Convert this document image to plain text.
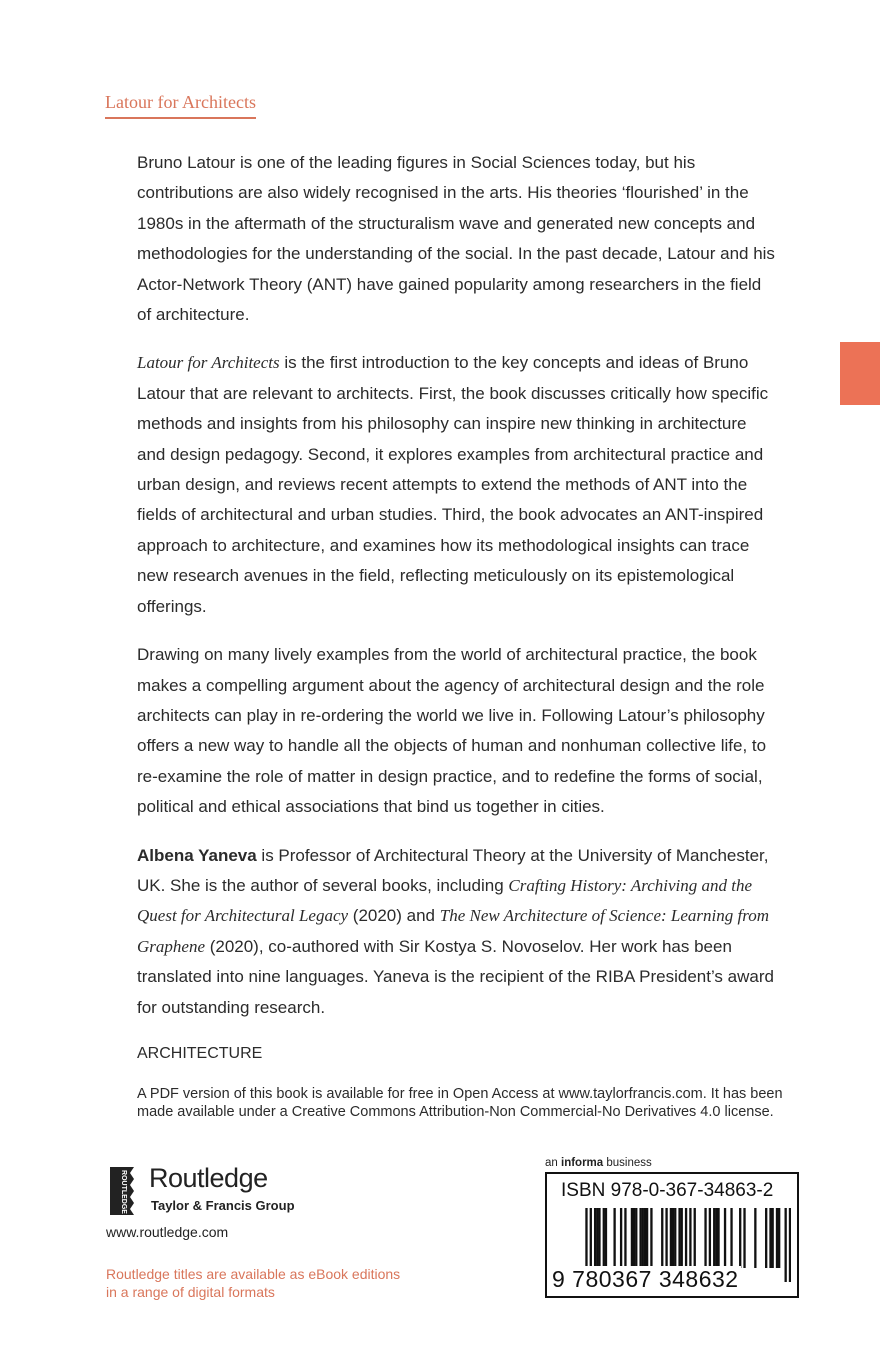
Latour for Architects

Bruno Latour is one of the leading figures in Social Sciences today, but his contributions are also widely recognised in the arts. His theories ‘flourished’ in the 1980s in the aftermath of the structuralism wave and generated new concepts and methodologies for the understanding of the social. In the past decade, Latour and his Actor-Network Theory (ANT) have gained popularity among researchers in the field of architecture.

Latour for Architects is the first introduction to the key concepts and ideas of Bruno Latour that are relevant to architects. First, the book discusses critically how specific methods and insights from his philosophy can inspire new thinking in architecture and design pedagogy. Second, it explores examples from architectural practice and urban design, and reviews recent attempts to extend the methods of ANT into the fields of architectural and urban studies. Third, the book advocates an ANT-inspired approach to architecture, and examines how its methodological insights can trace new research avenues in the field, reflecting meticulously on its epistemological offerings.

Drawing on many lively examples from the world of architectural practice, the book makes a compelling argument about the agency of architectural design and the role architects can play in re-ordering the world we live in. Following Latour’s philosophy offers a new way to handle all the objects of human and nonhuman collective life, to re-examine the role of matter in design practice, and to redefine the forms of social, political and ethical associations that bind us together in cities.

Albena Yaneva is Professor of Architectural Theory at the University of Manchester, UK. She is the author of several books, including Crafting History: Archiving and the Quest for Architectural Legacy (2020) and The New Architecture of Science: Learning from Graphene (2020), co-authored with Sir Kostya S. Novoselov. Her work has been translated into nine languages. Yaneva is the recipient of the RIBA President’s award for outstanding research.

ARCHITECTURE
A PDF version of this book is available for free in Open Access at www.taylorfrancis.com. It has been made available under a Creative Commons Attribution-Non Commercial-No Derivatives 4.0 license.
ROUTLEDGE Routledge
Taylor & Francis Group
www.routledge.com
Routledge titles are available as eBook editions
in a range of digital formats
an informa business
ISBN 978-0-367-34863-2
9 780367 348632
